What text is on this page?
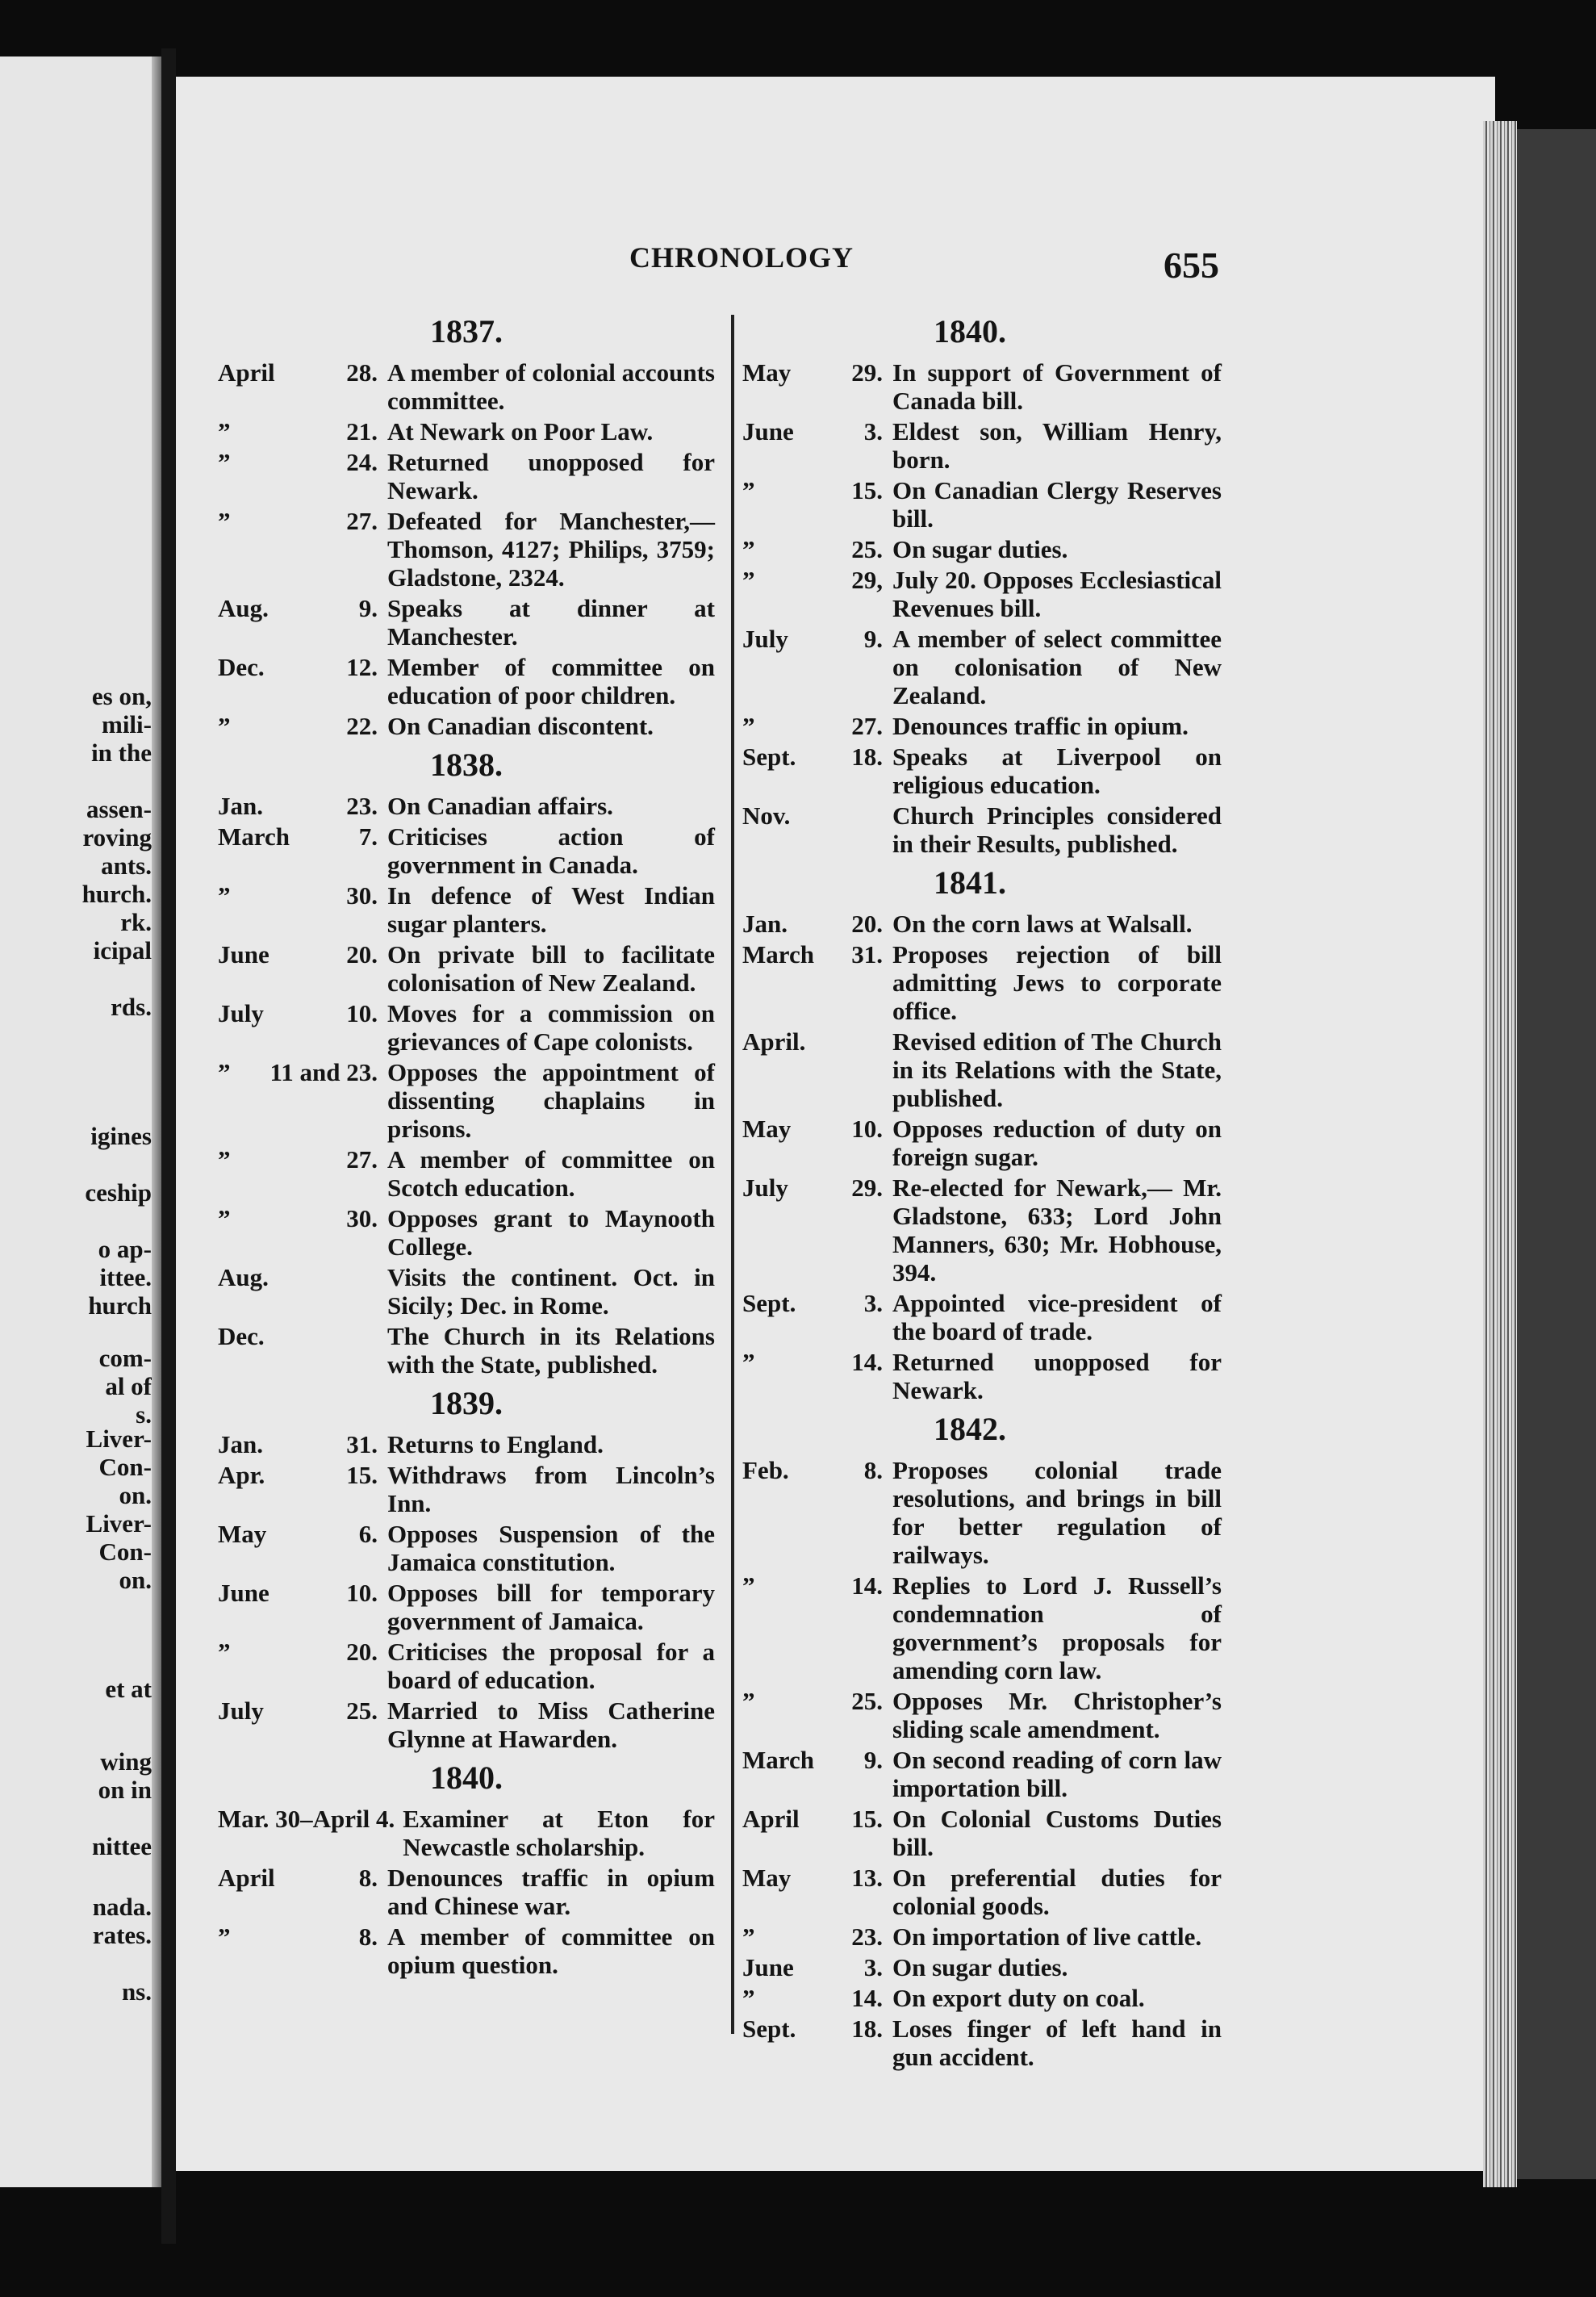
es on,
mili-
in the
assen-
roving
ants.
hurch.
rk.
icipal
rds.
igines
ceship
o ap-
ittee.
hurch
com-
al of
s.
Liver-
Con-
on.
Liver-
Con-
on.
et at
wing
on in
nittee
nada.
rates.
ns.
CHRONOLOGY	655
1837.
April	28. A member of colonial accounts committee.
”	21. At Newark on Poor Law.
”	24. Returned unopposed for Newark.
”	27. Defeated for Manchester,— Thomson, 4127; Philips, 3759; Gladstone, 2324.
Aug.	9. Speaks at dinner at Manchester.
Dec.	12. Member of committee on education of poor children.
”	22. On Canadian discontent.
1838.
Jan.	23. On Canadian affairs.
March	7. Criticises action of government in Canada.
”	30. In defence of West Indian sugar planters.
June	20. On private bill to facilitate colonisation of New Zealand.
July	10. Moves for a commission on grievances of Cape colonists.
”	11 and 23. Opposes the appointment of dissenting chaplains in prisons.
”	27. A member of committee on Scotch education.
”	30. Opposes grant to Maynooth College.
Aug.	Visits the continent. Oct. in Sicily; Dec. in Rome.
Dec.	The Church in its Relations with the State, published.
1839.
Jan.	31. Returns to England.
Apr.	15. Withdraws from Lincoln’s Inn.
May	6. Opposes Suspension of the Jamaica constitution.
June	10. Opposes bill for temporary government of Jamaica.
”	20. Criticises the proposal for a board of education.
July	25. Married to Miss Catherine Glynne at Hawarden.
1840.
Mar. 30–April 4. Examiner at Eton for Newcastle scholarship.
April	8. Denounces traffic in opium and Chinese war.
”	8. A member of committee on opium question.
1840.
May	29. In support of Government of Canada bill.
June	3. Eldest son, William Henry, born.
”	15. On Canadian Clergy Reserves bill.
”	25. On sugar duties.
”	29, July 20. Opposes Ecclesiastical Revenues bill.
July	9. A member of select committee on colonisation of New Zealand.
”	27. Denounces traffic in opium.
Sept.	18. Speaks at Liverpool on religious education.
Nov.	Church Principles considered in their Results, published.
1841.
Jan.	20. On the corn laws at Walsall.
March	31. Proposes rejection of bill admitting Jews to corporate office.
April.	Revised edition of The Church in its Relations with the State, published.
May	10. Opposes reduction of duty on foreign sugar.
July	29. Re-elected for Newark,— Mr. Gladstone, 633; Lord John Manners, 630; Mr. Hobhouse, 394.
Sept.	3. Appointed vice-president of the board of trade.
”	14. Returned unopposed for Newark.
1842.
Feb.	8. Proposes colonial trade resolutions, and brings in bill for better regulation of railways.
”	14. Replies to Lord J. Russell’s condemnation of government’s proposals for amending corn law.
”	25. Opposes Mr. Christopher’s sliding scale amendment.
March	9. On second reading of corn law importation bill.
April	15. On Colonial Customs Duties bill.
May	13. On preferential duties for colonial goods.
”	23. On importation of live cattle.
June	3. On sugar duties.
”	14. On export duty on coal.
Sept.	18. Loses finger of left hand in gun accident.
